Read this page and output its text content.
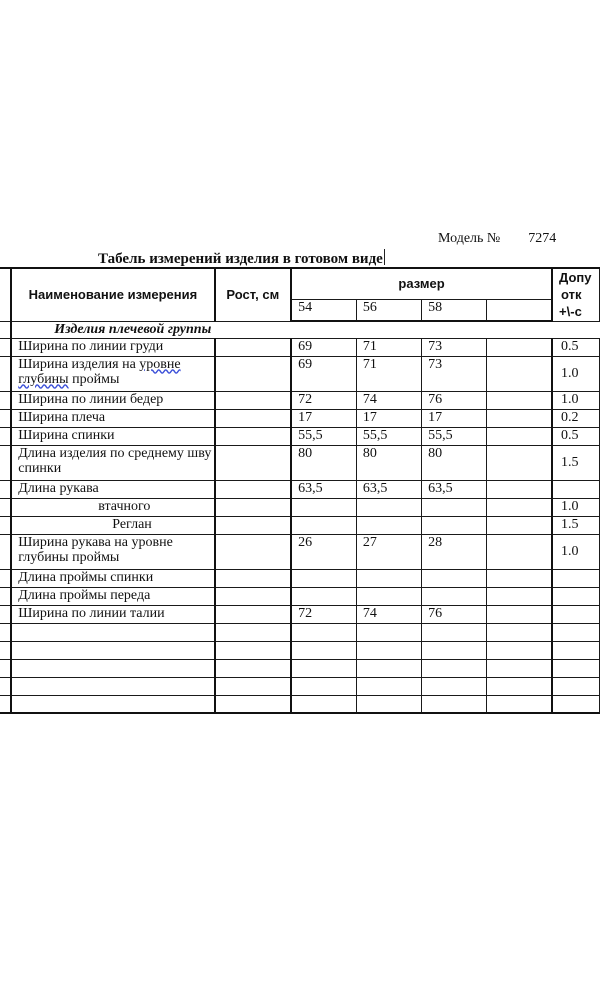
Модель № 7274
Табель измерений изделия в готовом виде
	Наименование измерения	Рост, см	размер				Допу
отк
+\-с

			54	56	58		
	Изделия плечевой группы						
	Ширина по линии груди		69	71	73		0.5
	Ширина изделия на уровне
глубины проймы		69	71	73		1.0
	Ширина по линии бедер		72	74	76		1.0
	Ширина плеча		17	17	17		0.2
	Ширина спинки		55,5	55,5	55,5		0.5
	Длина изделия по среднему шву спинки		80	80	80		1.5
	Длина рукава		63,5	63,5	63,5		
	втачного						1.0
	Реглан						1.5
	Ширина рукава на уровне глубины проймы		26	27	28		1.0
	Длина проймы спинки						
	Длина проймы переда						
	Ширина по линии талии		72	74	76		
